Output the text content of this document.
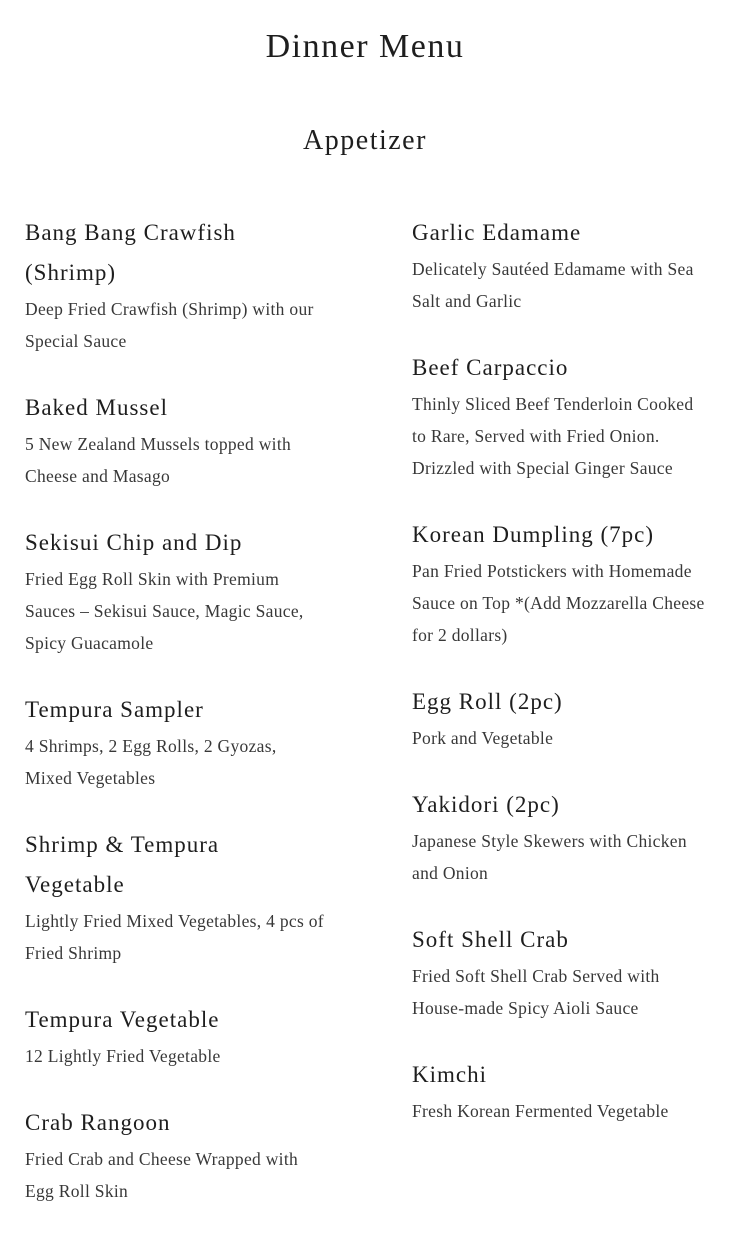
Dinner Menu
Appetizer
Bang Bang Crawfish (Shrimp)
Deep Fried Crawfish (Shrimp) with our Special Sauce
Baked Mussel
5 New Zealand Mussels topped with Cheese and Masago
Sekisui Chip and Dip
Fried Egg Roll Skin with Premium Sauces – Sekisui Sauce, Magic Sauce, Spicy Guacamole
Tempura Sampler
4 Shrimps, 2 Egg Rolls, 2 Gyozas, Mixed Vegetables
Shrimp & Tempura Vegetable
Lightly Fried Mixed Vegetables, 4 pcs of Fried Shrimp
Tempura Vegetable
12 Lightly Fried Vegetable
Crab Rangoon
Fried Crab and Cheese Wrapped with Egg Roll Skin
Garlic Edamame
Delicately Sautéed Edamame with Sea Salt and Garlic
Beef Carpaccio
Thinly Sliced Beef Tenderloin Cooked to Rare, Served with Fried Onion. Drizzled with Special Ginger Sauce
Korean Dumpling (7pc)
Pan Fried Potstickers with Homemade Sauce on Top *(Add Mozzarella Cheese for 2 dollars)
Egg Roll (2pc)
Pork and Vegetable
Yakidori (2pc)
Japanese Style Skewers with Chicken and Onion
Soft Shell Crab
Fried Soft Shell Crab Served with House-made Spicy Aioli Sauce
Kimchi
Fresh Korean Fermented Vegetable
